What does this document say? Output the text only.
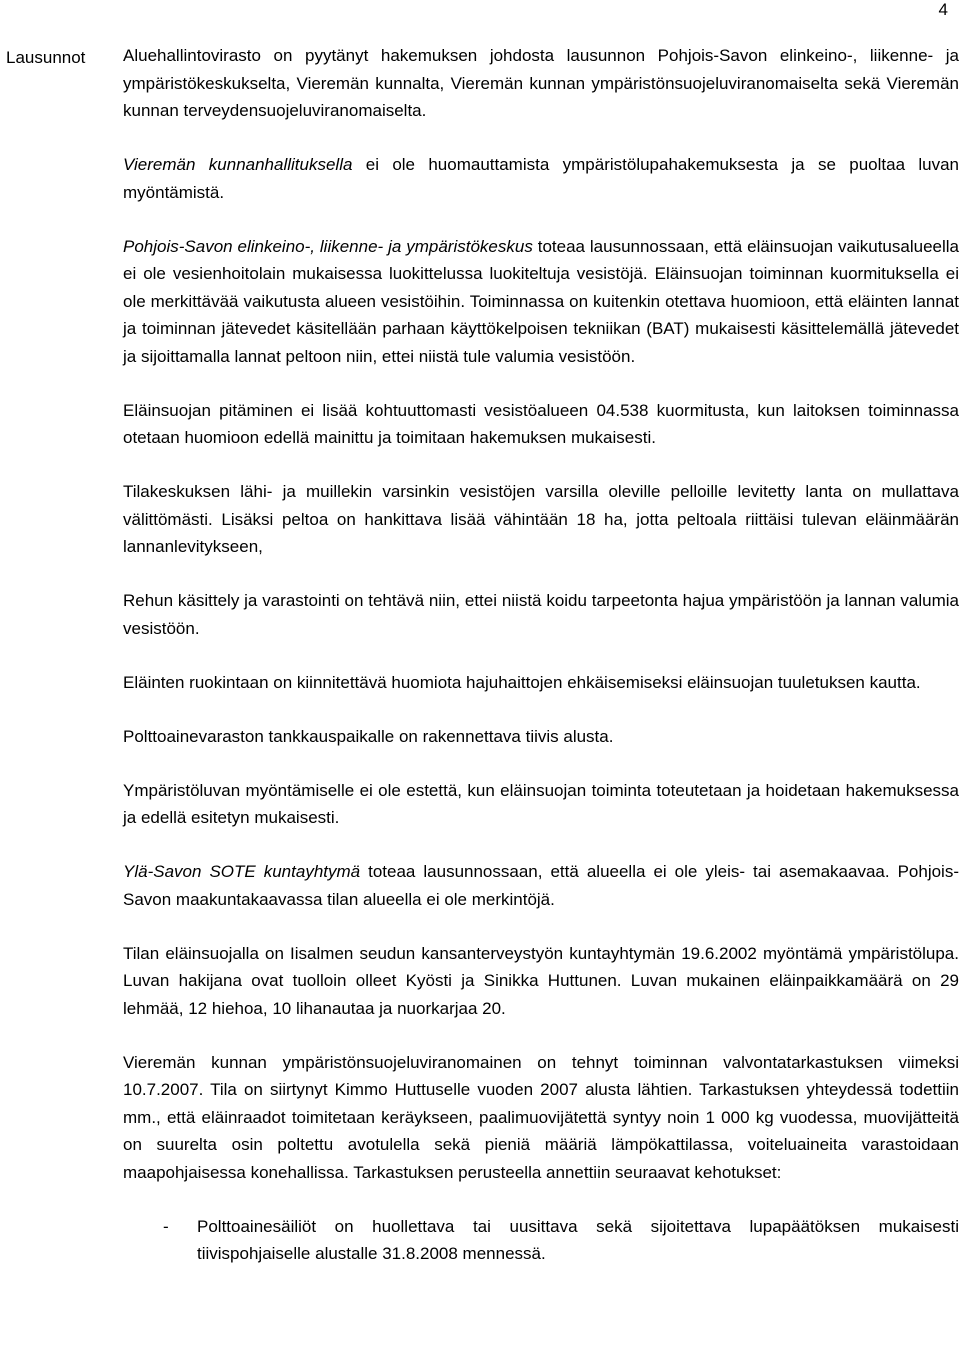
4
Lausunnot Aluehallintovirasto on pyytänyt hakemuksen johdosta lausunnon Pohjois-Savon elinkeino-, liikenne- ja ympäristökeskukselta, Vieremän kunnalta, Vieremän kunnan ympäristönsuojeluviranomaiselta sekä Vieremän kunnan terveydensuojeluviranomaiselta.

Vieremän kunnanhallituksella ei ole huomauttamista ympäristölupahakemuksesta ja se puoltaa luvan myöntämistä.

Pohjois-Savon elinkeino-, liikenne- ja ympäristökeskus toteaa lausunnossaan, että eläinsuojan vaikutusalueella ei ole vesienhoitolain mukaisessa luokittelussa luokiteltuja vesistöjä. Eläinsuojan toiminnan kuormituksella ei ole merkittävää vaikutusta alueen vesistöihin. Toiminnassa on kuitenkin otettava huomioon, että eläinten lannat ja toiminnan jätevedet käsitellään parhaan käyttökelpoisen tekniikan (BAT) mukaisesti käsittelemällä jätevedet ja sijoittamalla lannat peltoon niin, ettei niistä tule valumia vesistöön.

Eläinsuojan pitäminen ei lisää kohtuuttomasti vesistöalueen 04.538 kuormitusta, kun laitoksen toiminnassa otetaan huomioon edellä mainittu ja toimitaan hakemuksen mukaisesti.

Tilakeskuksen lähi- ja muillekin varsinkin vesistöjen varsilla oleville pelloille levitetty lanta on mullattava välittömästi. Lisäksi peltoa on hankittava lisää vähintään 18 ha, jotta peltoala riittäisi tulevan eläinmäärän lannanlevitykseen,

Rehun käsittely ja varastointi on tehtävä niin, ettei niistä koidu tarpeetonta hajua ympäristöön ja lannan valumia vesistöön.

Eläinten ruokintaan on kiinnitettävä huomiota hajuhaittojen ehkäisemiseksi eläinsuojan tuuletuksen kautta.

Polttoainevaraston tankkauspaikalle on rakennettava tiivis alusta.

Ympäristöluvan myöntämiselle ei ole estettä, kun eläinsuojan toiminta toteutetaan ja hoidetaan hakemuksessa ja edellä esitetyn mukaisesti.

Ylä-Savon SOTE kuntayhtymä toteaa lausunnossaan, että alueella ei ole yleis- tai asemakaavaa. Pohjois-Savon maakuntakaavassa tilan alueella ei ole merkintöjä.

Tilan eläinsuojalla on Iisalmen seudun kansanterveystyön kuntayhtymän 19.6.2002 myöntämä ympäristölupa. Luvan hakijana ovat tuolloin olleet Kyösti ja Sinikka Huttunen. Luvan mukainen eläinpaikkamäärä on 29 lehmää, 12 hiehoa, 10 lihanautaa ja nuorkarjaa 20.

Vieremän kunnan ympäristönsuojeluviranomainen on tehnyt toiminnan valvontatarkastuksen viimeksi 10.7.2007. Tila on siirtynyt Kimmo Huttuselle vuoden 2007 alusta lähtien. Tarkastuksen yhteydessä todettiin mm., että eläinraadot toimitetaan keräykseen, paalimuovijätettä syntyy noin 1 000 kg vuodessa, muovijätteitä on suurelta osin poltettu avotulella sekä pieniä määriä lämpökattilassa, voiteluaineita varastoidaan maapohjaisessa konehallissa. Tarkastuksen perusteella annettiin seuraavat kehotukset:

- Polttoainesäiliöt on huollettava tai uusittava sekä sijoitettava lupapäätöksen mukaisesti tiivispohjaiselle alustalle 31.8.2008 mennessä.
